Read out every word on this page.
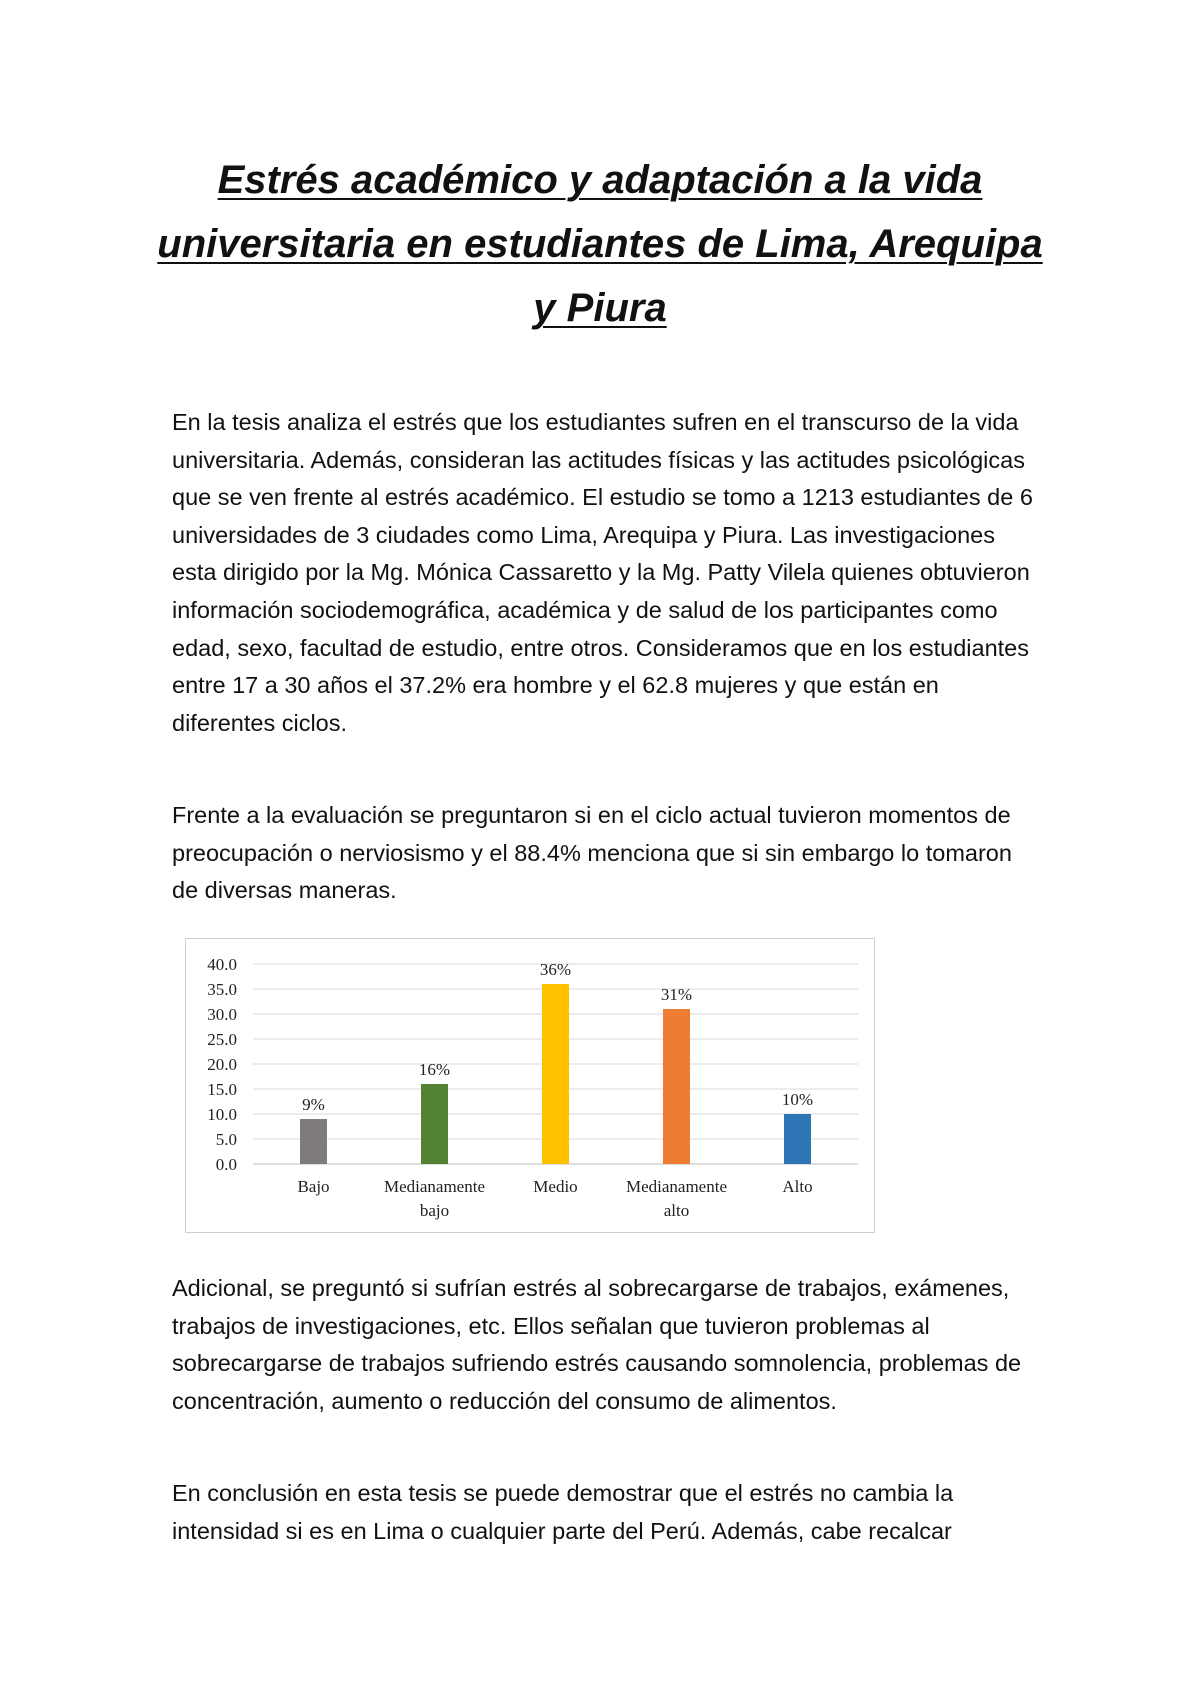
Estrés académico y adaptación a la vida universitaria en estudiantes de Lima, Arequipa y Piura

En la tesis analiza el estrés que los estudiantes sufren en el transcurso de la vida universitaria. Además, consideran las actitudes físicas y las actitudes psicológicas que se ven frente al estrés académico. El estudio se tomo a 1213 estudiantes de 6 universidades de 3 ciudades como Lima, Arequipa y Piura. Las investigaciones esta dirigido por la Mg. Mónica Cassaretto y la Mg. Patty Vilela quienes obtuvieron información sociodemográfica, académica y de salud de los participantes como edad, sexo, facultad de estudio, entre otros. Consideramos que en los estudiantes entre 17 a 30 años el 37.2% era hombre y el 62.8 mujeres y que están en diferentes ciclos.

Frente a la evaluación se preguntaron si en el ciclo actual tuvieron momentos de preocupación o nerviosismo y el 88.4% menciona que si sin embargo lo tomaron de diversas maneras.

0.0
5.0
10.0
15.0
20.0
25.0
30.0
35.0
40.0
9%
Bajo
16%
Medianamente
bajo
36%
Medio
31%
Medianamente
alto
10%
Alto

Adicional, se preguntó si sufrían estrés al sobrecargarse de trabajos, exámenes, trabajos de investigaciones, etc. Ellos señalan que tuvieron problemas al sobrecargarse de trabajos sufriendo estrés causando somnolencia, problemas de concentración, aumento o reducción del consumo de alimentos.

En conclusión en esta tesis se puede demostrar que el estrés no cambia la intensidad si es en Lima o cualquier parte del Perú. Además, cabe recalcar
